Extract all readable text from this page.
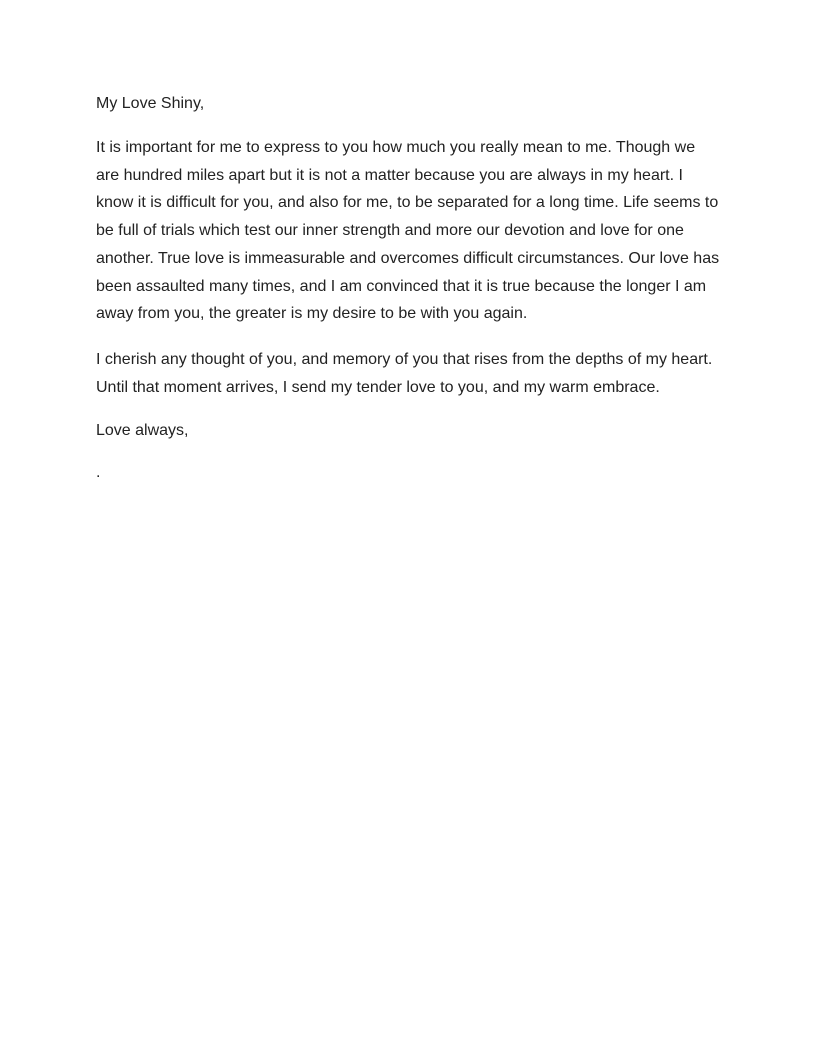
My Love Shiny,

It is important for me to express to you how much you really mean to me. Though we
are hundred miles apart but it is not a matter because you are always in my heart. I
know it is difficult for you, and also for me, to be separated for a long time. Life seems to
be full of trials which test our inner strength and more our devotion and love for one
another. True love is immeasurable and overcomes difficult circumstances. Our love has
been assaulted many times, and I am convinced that it is true because the longer I am
away from you, the greater is my desire to be with you again.

I cherish any thought of you, and memory of you that rises from the depths of my heart.
Until that moment arrives, I send my tender love to you, and my warm embrace.

Love always,

.
